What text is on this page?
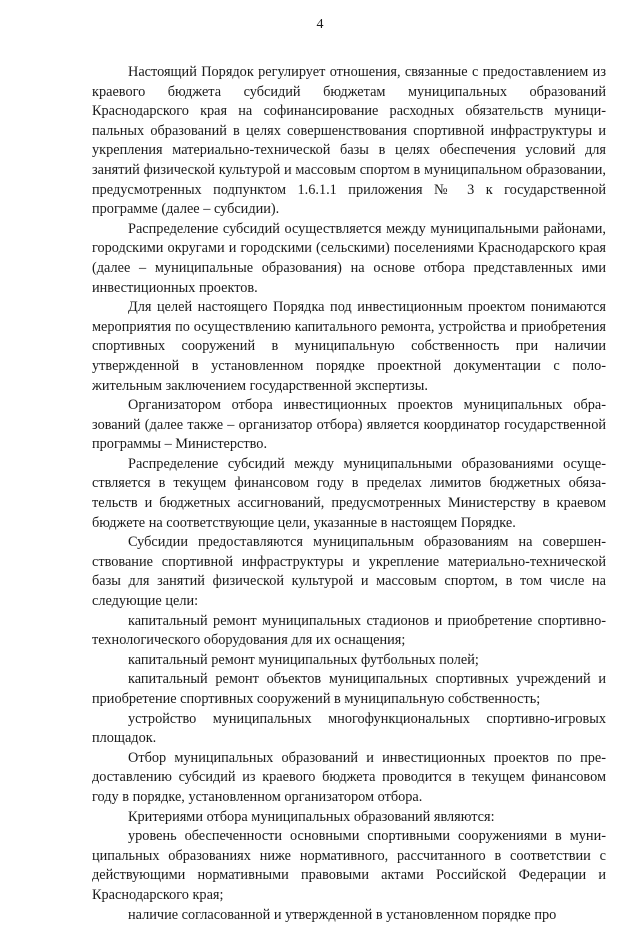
4

Настоящий Порядок регулирует отношения, связанные с предоставлением из краевого бюджета субсидий бюджетам муниципальных образований Краснодарского края на софинансирование расходных обязательств муниципальных образований в целях совершенствования спортивной инфраструктуры и укрепления материально-технической базы в целях обеспечения условий для занятий физической культурой и массовым спортом в муниципальном образовании, предусмотренных подпунктом 1.6.1.1 приложения № 3 к государственной программе (далее – субсидии).

Распределение субсидий осуществляется между муниципальными районами, городскими округами и городскими (сельскими) поселениями Краснодарского края (далее – муниципальные образования) на основе отбора представленных ими инвестиционных проектов.

Для целей настоящего Порядка под инвестиционным проектом понимаются мероприятия по осуществлению капитального ремонта, устройства и приобретения спортивных сооружений в муниципальную собственность при наличии утвержденной в установленном порядке проектной документации с положительным заключением государственной экспертизы.

Организатором отбора инвестиционных проектов муниципальных образований (далее также – организатор отбора) является координатор государственной программы – Министерство.

Распределение субсидий между муниципальными образованиями осуществляется в текущем финансовом году в пределах лимитов бюджетных обязательств и бюджетных ассигнований, предусмотренных Министерству в краевом бюджете на соответствующие цели, указанные в настоящем Порядке.

Субсидии предоставляются муниципальным образованиям на совершенствование спортивной инфраструктуры и укрепление материально-технической базы для занятий физической культурой и массовым спортом, в том числе на следующие цели:

капитальный ремонт муниципальных стадионов и приобретение спортивно-технологического оборудования для их оснащения;

капитальный ремонт муниципальных футбольных полей;

капитальный ремонт объектов муниципальных спортивных учреждений и приобретение спортивных сооружений в муниципальную собственность;

устройство муниципальных многофункциональных спортивно-игровых площадок.

Отбор муниципальных образований и инвестиционных проектов по предоставлению субсидий из краевого бюджета проводится в текущем финансовом году в порядке, установленном организатором отбора.

Критериями отбора муниципальных образований являются:

уровень обеспеченности основными спортивными сооружениями в муниципальных образованиях ниже нормативного, рассчитанного в соответствии с действующими нормативными правовыми актами Российской Федерации и Краснодарского края;

наличие согласованной и утвержденной в установленном порядке про
